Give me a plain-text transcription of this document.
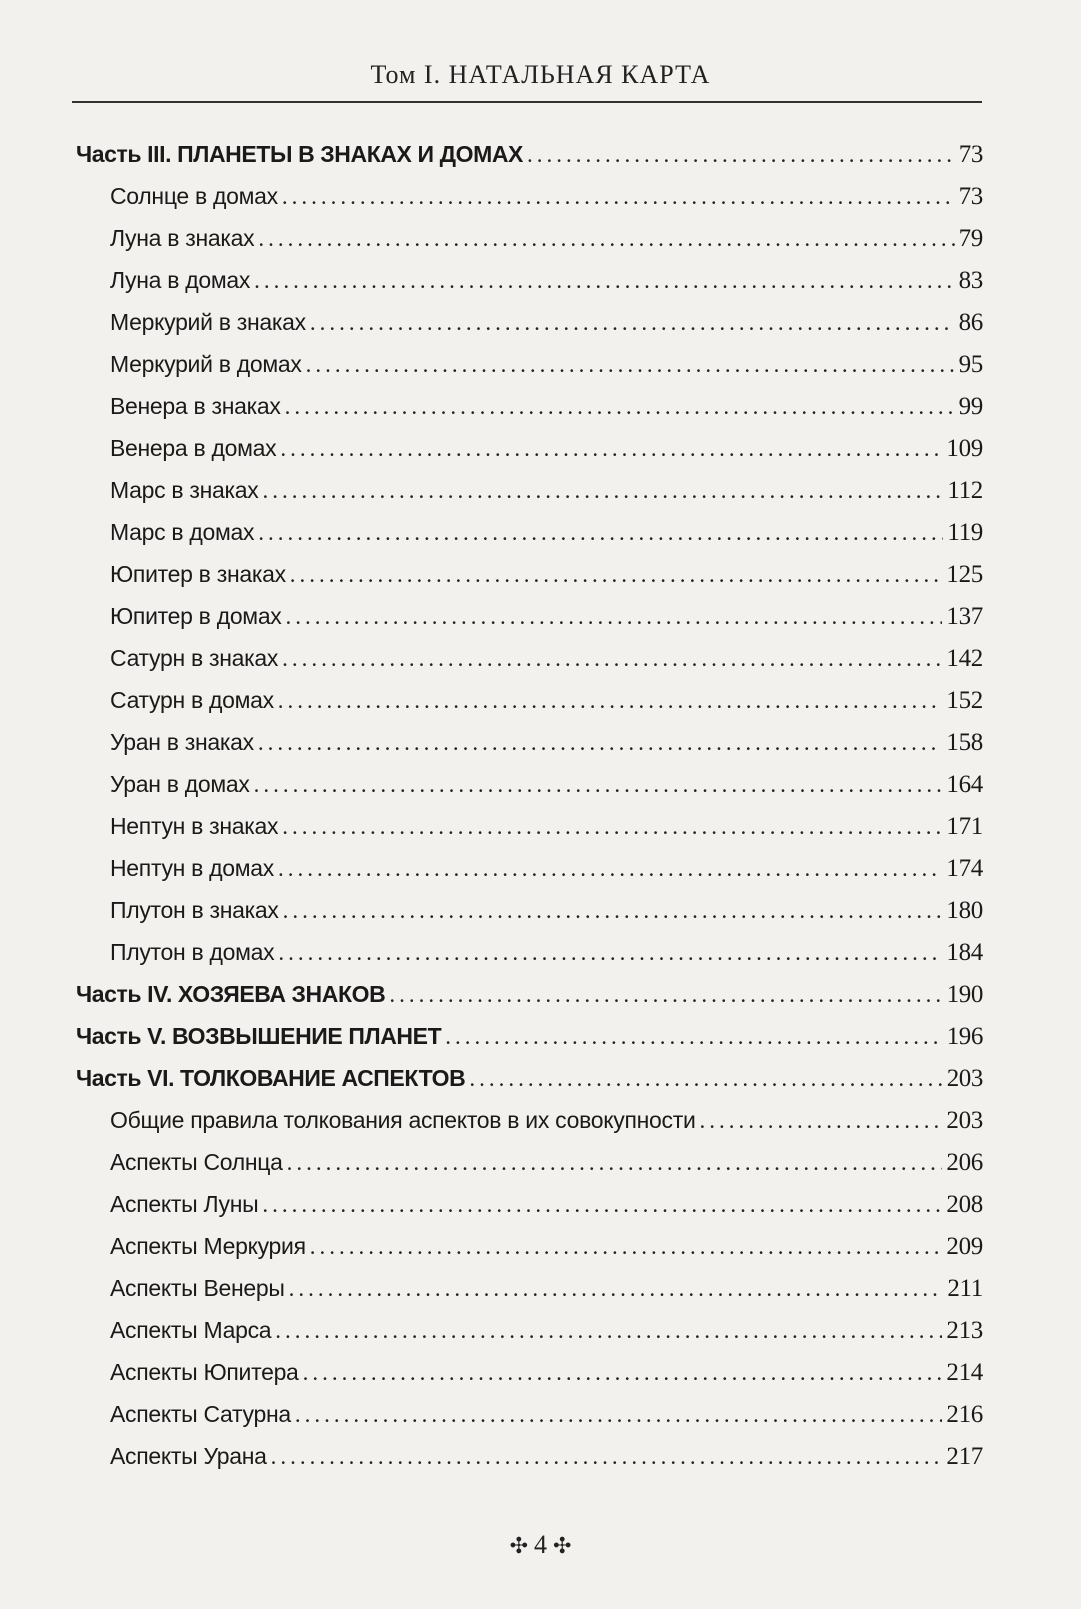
Том I. НАТАЛЬНАЯ КАРТА
Часть III. ПЛАНЕТЫ В ЗНАКАХ И ДОМАХ .....	73
Солнце в домах .....	73
Луна в знаках .....	79
Луна в домах .....	83
Меркурий в знаках .....	86
Меркурий в домах .....	95
Венера в знаках .....	99
Венера в домах .....	109
Марс в знаках .....	112
Марс в домах .....	119
Юпитер в знаках .....	125
Юпитер в домах .....	137
Сатурн в знаках .....	142
Сатурн в домах .....	152
Уран в знаках .....	158
Уран в домах .....	164
Нептун в знаках .....	171
Нептун в домах .....	174
Плутон в знаках .....	180
Плутон в домах .....	184
Часть IV. ХОЗЯЕВА ЗНАКОВ .....	190
Часть V. ВОЗВЫШЕНИЕ ПЛАНЕТ .....	196
Часть VI. ТОЛКОВАНИЕ АСПЕКТОВ .....	203
Общие правила толкования аспектов в их совокупности .....	203
Аспекты Солнца .....	206
Аспекты Луны .....	208
Аспекты Меркурия .....	209
Аспекты Венеры .....	211
Аспекты Марса .....	213
Аспекты Юпитера .....	214
Аспекты Сатурна .....	216
Аспекты Урана .....	217
✣ 4 ✣
